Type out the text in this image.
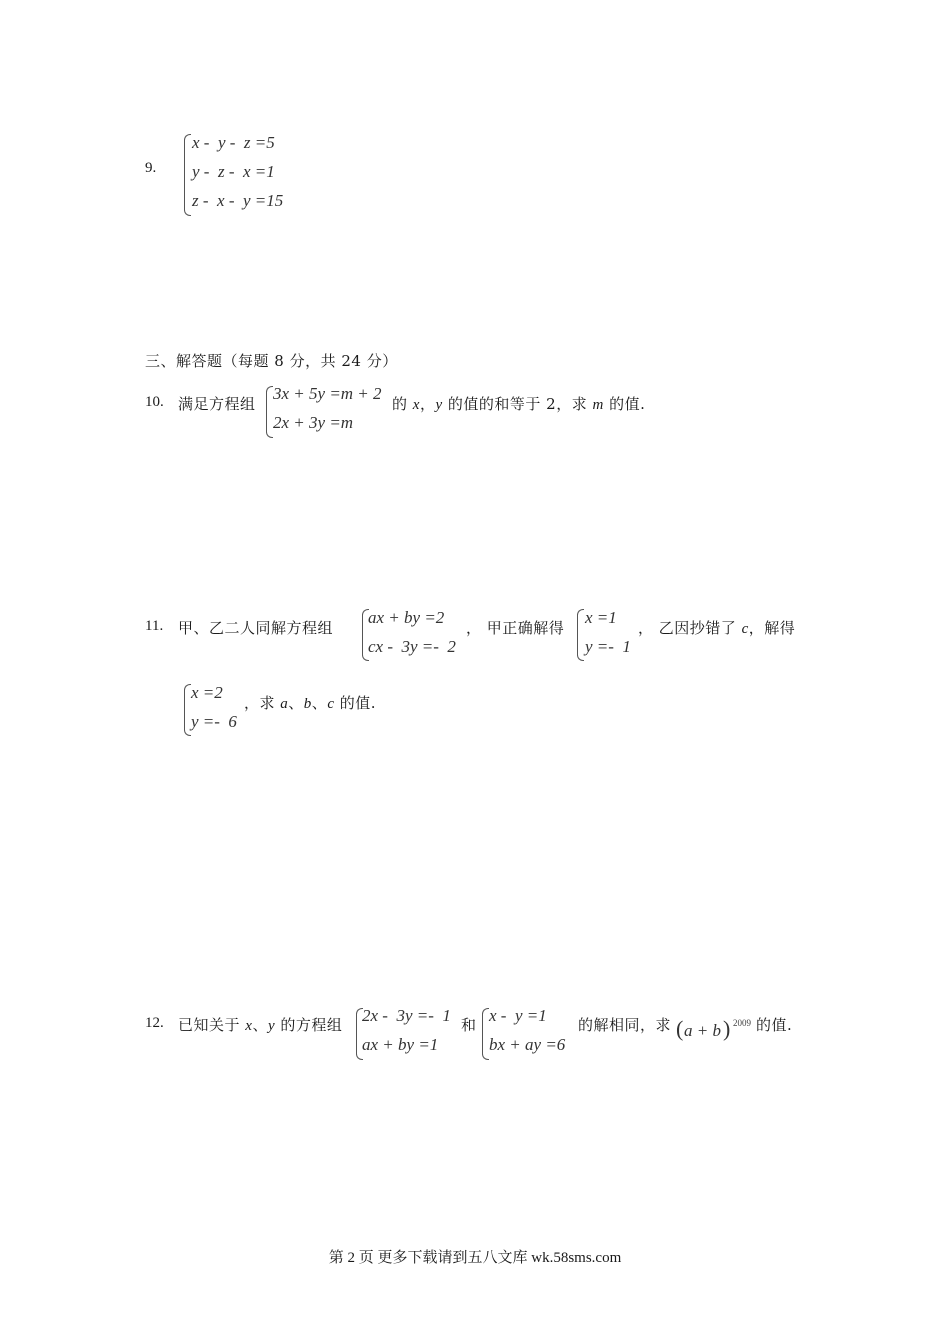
9.
x -  y -  z =5
y -  z -  x =1
z -  x -  y =15
三、解答题（每题 8 分，共 24 分）
10. 满足方程组
3x + 5y =m + 2
2x + 3y =m
的 x，y 的值的和等于 2，求 m 的值.
11. 甲、乙二人同解方程组
ax + by =2
cx -  3y =-  2
， 甲正确解得
x =1
y =-  1
， 乙因抄错了 c，解得
x =2
y =-  6
，求 a、b、c 的值.
12. 已知关于 x、y 的方程组 2x -  3y =-  1
ax + by =1
和 x -  y =1
bx + ay =6
的解相同，求 ( a + b ) 2009 的值.
第 2 页 更多下载请到五八文库 wk.58sms.com
